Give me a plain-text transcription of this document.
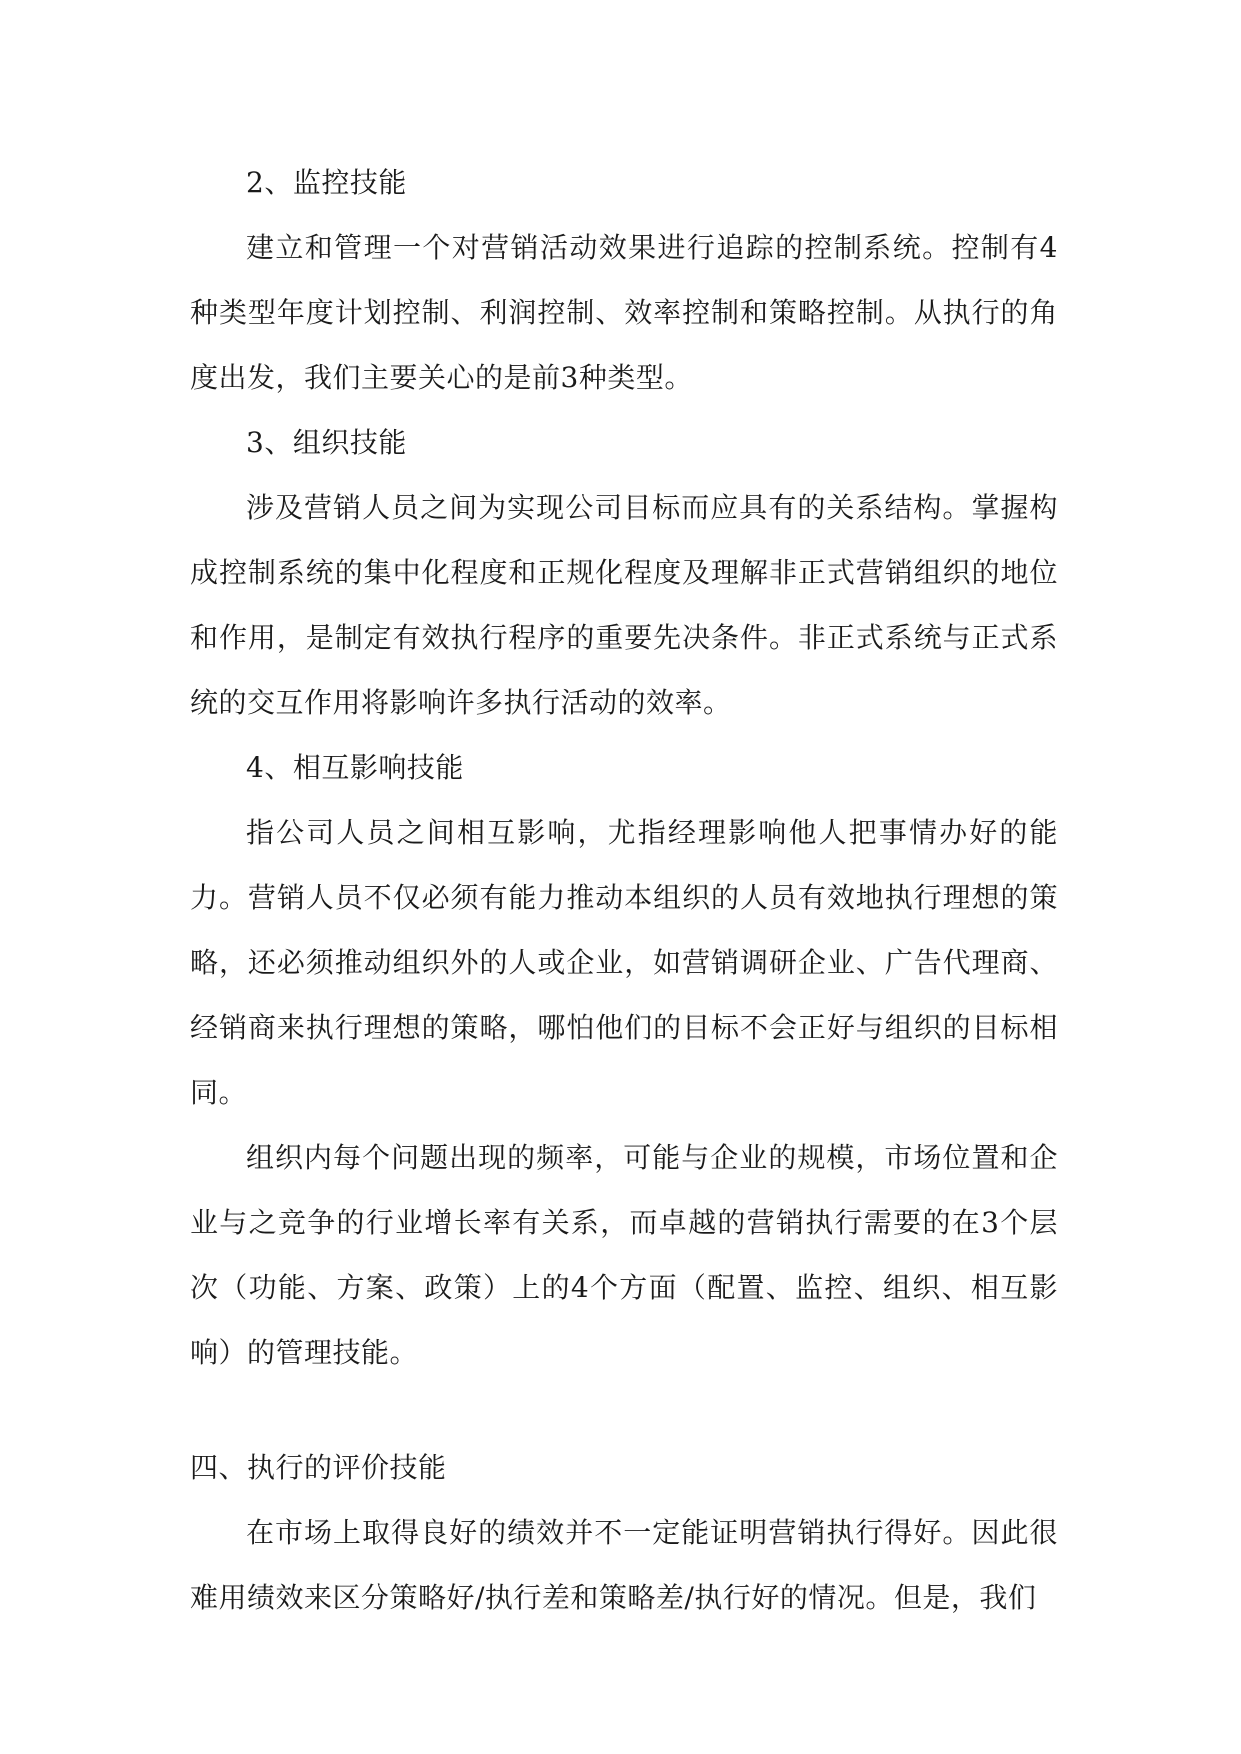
2、监控技能

建立和管理一个对营销活动效果进行追踪的控制系统。控制有4种类型年度计划控制、利润控制、效率控制和策略控制。从执行的角度出发，我们主要关心的是前3种类型。

3、组织技能

涉及营销人员之间为实现公司目标而应具有的关系结构。掌握构成控制系统的集中化程度和正规化程度及理解非正式营销组织的地位和作用，是制定有效执行程序的重要先决条件。非正式系统与正式系统的交互作用将影响许多执行活动的效率。

4、相互影响技能

指公司人员之间相互影响，尤指经理影响他人把事情办好的能力。营销人员不仅必须有能力推动本组织的人员有效地执行理想的策略，还必须推动组织外的人或企业，如营销调研企业、广告代理商、经销商来执行理想的策略，哪怕他们的目标不会正好与组织的目标相同。

组织内每个问题出现的频率，可能与企业的规模，市场位置和企业与之竞争的行业增长率有关系，而卓越的营销执行需要的在3个层次（功能、方案、政策）上的4个方面（配置、监控、组织、相互影响）的管理技能。

四、执行的评价技能

在市场上取得良好的绩效并不一定能证明营销执行得好。因此很难用绩效来区分策略好/执行差和策略差/执行好的情况。但是，我们
